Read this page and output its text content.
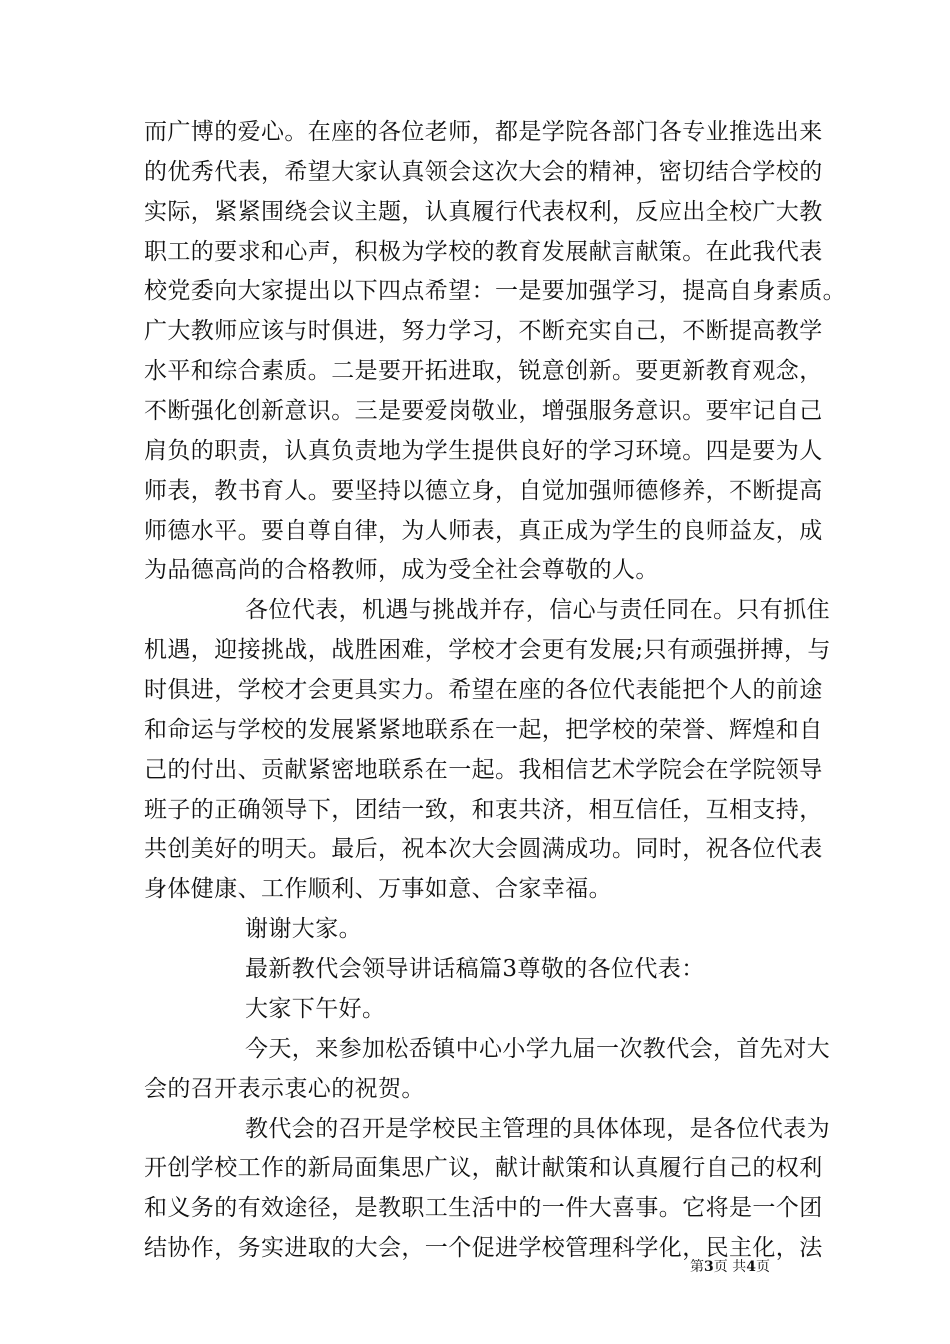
而广博的爱心。在座的各位老师，都是学院各部门各专业推选出来
的优秀代表，希望大家认真领会这次大会的精神，密切结合学校的
实际，紧紧围绕会议主题，认真履行代表权利，反应出全校广大教
职工的要求和心声，积极为学校的教育发展献言献策。在此我代表
校党委向大家提出以下四点希望：一是要加强学习，提高自身素质。
广大教师应该与时俱进，努力学习，不断充实自己，不断提高教学
水平和综合素质。二是要开拓进取，锐意创新。要更新教育观念，
不断强化创新意识。三是要爱岗敬业，增强服务意识。要牢记自己
肩负的职责，认真负责地为学生提供良好的学习环境。四是要为人
师表，教书育人。要坚持以德立身，自觉加强师德修养，不断提高
师德水平。要自尊自律，为人师表，真正成为学生的良师益友，成
为品德高尚的合格教师，成为受全社会尊敬的人。
各位代表，机遇与挑战并存，信心与责任同在。只有抓住
机遇，迎接挑战，战胜困难，学校才会更有发展;只有顽强拼搏，与
时俱进，学校才会更具实力。希望在座的各位代表能把个人的前途
和命运与学校的发展紧紧地联系在一起，把学校的荣誉、辉煌和自
己的付出、贡献紧密地联系在一起。我相信艺术学院会在学院领导
班子的正确领导下，团结一致，和衷共济，相互信任，互相支持，
共创美好的明天。最后，祝本次大会圆满成功。同时，祝各位代表
身体健康、工作顺利、万事如意、合家幸福。
谢谢大家。
最新教代会领导讲话稿篇3尊敬的各位代表：
大家下午好。
今天，来参加松岙镇中心小学九届一次教代会，首先对大
会的召开表示衷心的祝贺。
教代会的召开是学校民主管理的具体体现，是各位代表为
开创学校工作的新局面集思广议，献计献策和认真履行自己的权利
和义务的有效途径，是教职工生活中的一件大喜事。它将是一个团
结协作，务实进取的大会，一个促进学校管理科学化，民主化，法
第3页 共4页
